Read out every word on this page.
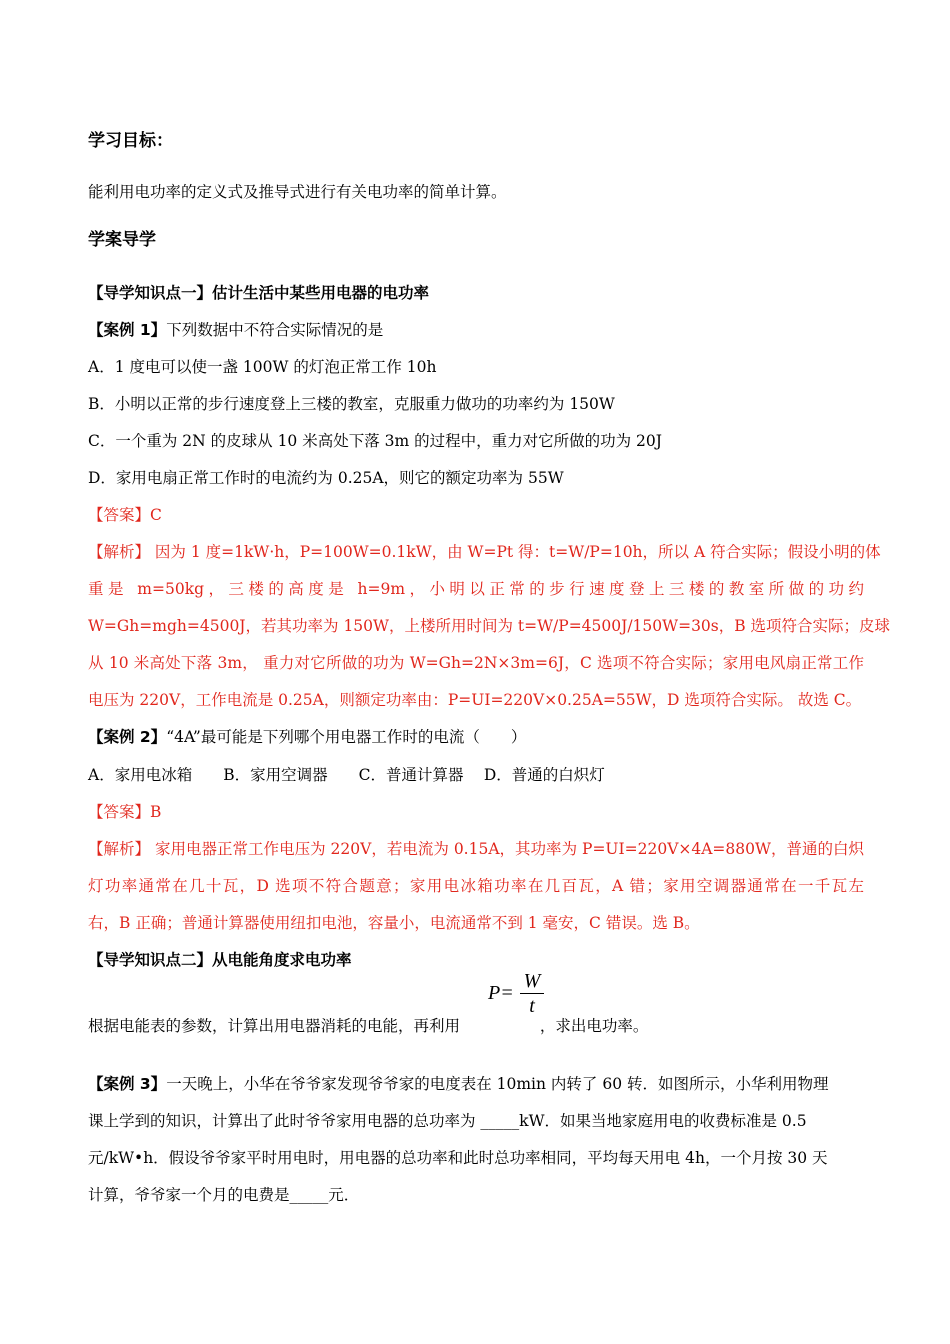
学习目标：
能利用电功率的定义式及推导式进行有关电功率的简单计算。
学案导学
【导学知识点一】估计生活中某些用电器的电功率
【案例 1】下列数据中不符合实际情况的是
A．1 度电可以使一盏 100W 的灯泡正常工作 10h
B．小明以正常的步行速度登上三楼的教室，克服重力做功的功率约为 150W
C．一个重为 2N 的皮球从 10 米高处下落 3m 的过程中，重力对它所做的功为 20J
D．家用电扇正常工作时的电流约为 0.25A，则它的额定功率为 55W
【答案】C
【解析】 因为 1 度=1kW·h，P=100W=0.1kW，由 W=Pt 得：t=W/P=10h，所以 A 符合实际；假设小明的体
重是 m=50kg，三楼的高度是 h=9m，小明以正常的步行速度登上三楼的教室所做的功约
W=Gh=mgh=4500J，若其功率为 150W，上楼所用时间为 t=W/P=4500J/150W=30s，B 选项符合实际；皮球
从 10 米高处下落 3m， 重力对它所做的功为 W=Gh=2N×3m=6J，C 选项不符合实际；家用电风扇正常工作
电压为 220V，工作电流是 0.25A，则额定功率由：P=UI=220V×0.25A=55W，D 选项符合实际。 故选 C。
【案例 2】“4A”最可能是下列哪个用电器工作时的电流（　　）
A．家用电冰箱　　B．家用空调器　　C．普通计算器　 D．普通的白炽灯
【答案】B
【解析】 家用电器正常工作电压为 220V，若电流为 0.15A，其功率为 P=UI=220V×4A=880W，普通的白炽
灯功率通常在几十瓦，D 选项不符合题意；家用电冰箱功率在几百瓦，A 错；家用空调器通常在一千瓦左
右，B 正确；普通计算器使用纽扣电池，容量小，电流通常不到 1 毫安，C 错误。选 B。
【导学知识点二】从电能角度求电功率
根据电能表的参数，计算出用电器消耗的电能，再利用	，求出电功率。
P=
W
t
【案例 3】一天晚上，小华在爷爷家发现爷爷家的电度表在 10min 内转了 60 转．如图所示，小华利用物理
课上学到的知识，计算出了此时爷爷家用电器的总功率为 _____kW．如果当地家庭用电的收费标准是 0.5
元/kW•h．假设爷爷家平时用电时，用电器的总功率和此时总功率相同，平均每天用电 4h，一个月按 30 天
计算，爷爷家一个月的电费是_____元．
